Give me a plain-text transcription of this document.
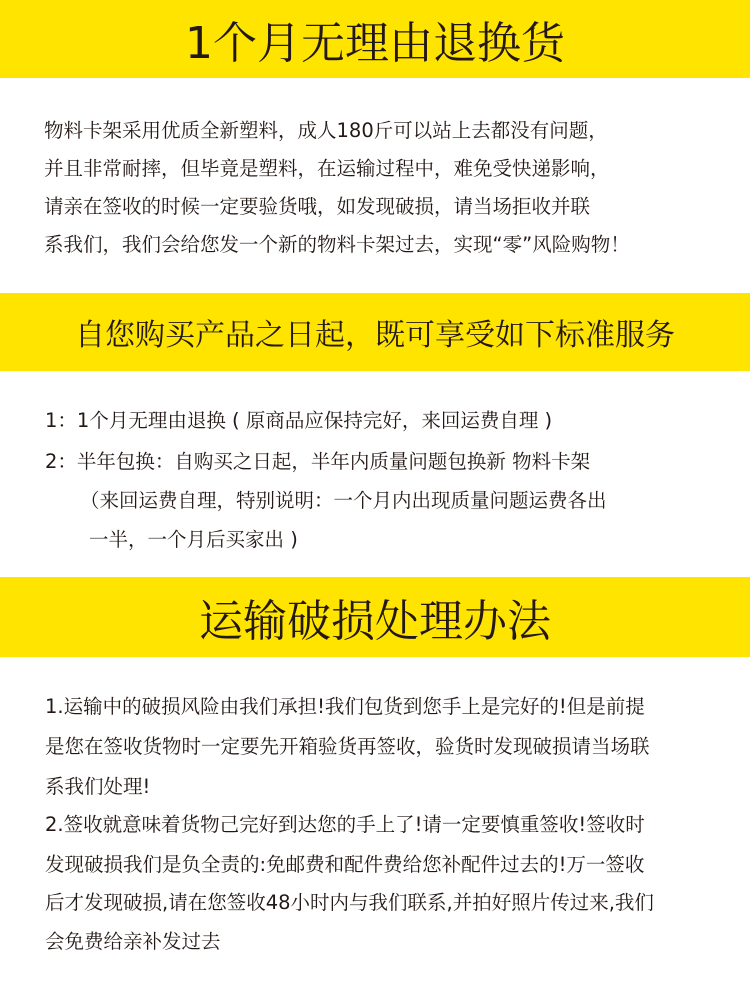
1个月无理由退换货
物料卡架采用优质全新塑料，成人180斤可以站上去都没有问题，
并且非常耐摔，但毕竟是塑料，在运输过程中，难免受快递影响，
请亲在签收的时候一定要验货哦，如发现破损，请当场拒收并联
系我们，我们会给您发一个新的物料卡架过去，实现“零”风险购物！
自您购买产品之日起，既可享受如下标准服务
1：1个月无理由退换 ( 原商品应保持完好，来回运费自理 )
2：半年包换：自购买之日起，半年内质量问题包换新 物料卡架
（来回运费自理，特别说明：一个月内出现质量问题运费各出
一半，一个月后买家出 )
运输破损处理办法
1.运输中的破损风险由我们承担!我们包货到您手上是完好的!但是前提
是您在签收货物时一定要先开箱验货再签收，验货时发现破损请当场联
系我们处理!
2.签收就意味着货物己完好到达您的手上了!请一定要慎重签收!签收时
发现破损我们是负全责的:免邮费和配件费给您补配件过去的!万一签收
后才发现破损,请在您签收48小时内与我们联系,并拍好照片传过来,我们
会免费给亲补发过去
